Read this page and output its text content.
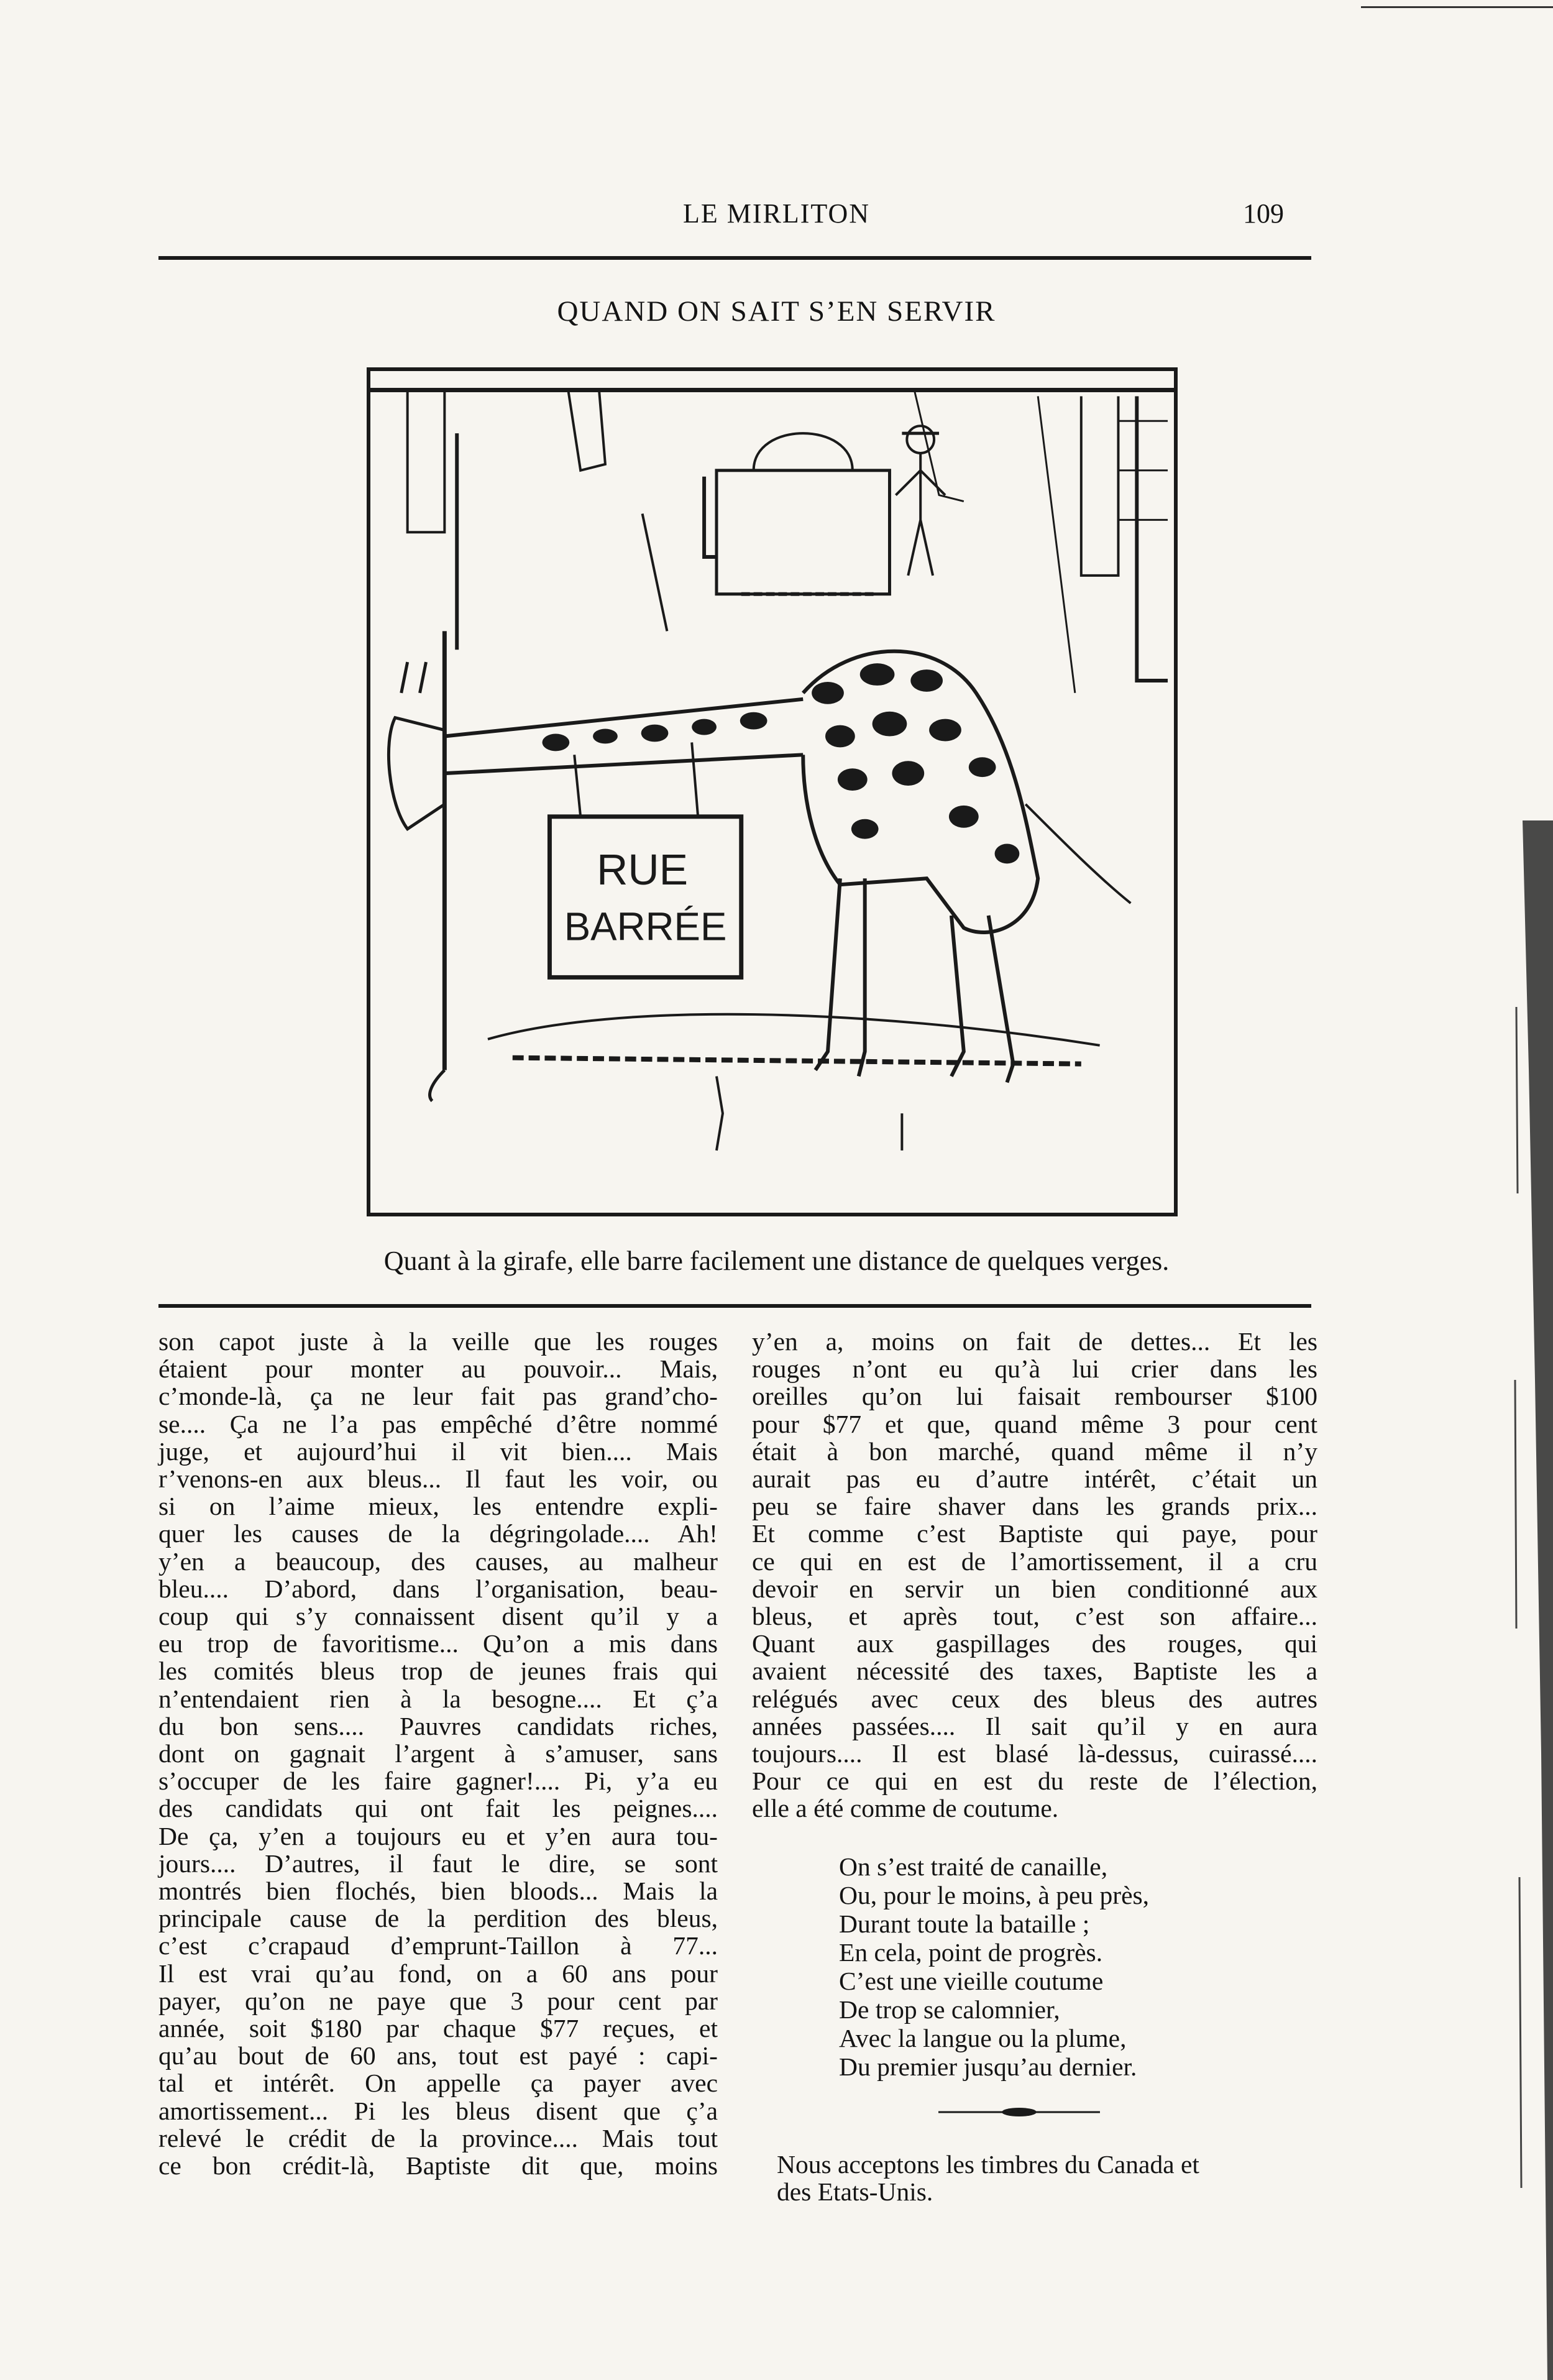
LE MIRLITON	109
QUAND ON SAIT S’EN SERVIR
RUE
BARRÉE
Quant à la girafe, elle barre facilement une distance de quelques verges.
son capot juste à la veille que les rouges
étaient pour monter au pouvoir... Mais,
c’monde-là, ça ne leur fait pas grand’cho-
se.... Ça ne l’a pas empêché d’être nommé
juge, et aujourd’hui il vit bien.... Mais
r’venons-en aux bleus... Il faut les voir, ou
si on l’aime mieux, les entendre expli-
quer les causes de la dégringolade.... Ah!
y’en a beaucoup, des causes, au malheur
bleu.... D’abord, dans l’organisation, beau-
coup qui s’y connaissent disent qu’il y a
eu trop de favoritisme... Qu’on a mis dans
les comités bleus trop de jeunes frais qui
n’entendaient rien à la besogne.... Et ç’a
du bon sens.... Pauvres candidats riches,
dont on gagnait l’argent à s’amuser, sans
s’occuper de les faire gagner!.... Pi, y’a eu
des candidats qui ont fait les peignes....
De ça, y’en a toujours eu et y’en aura tou-
jours.... D’autres, il faut le dire, se sont
montrés bien flochés, bien bloods... Mais la
principale cause de la perdition des bleus,
c’est c’crapaud d’emprunt-Taillon à 77...
Il est vrai qu’au fond, on a 60 ans pour
payer, qu’on ne paye que 3 pour cent par
année, soit $180 par chaque $77 reçues, et
qu’au bout de 60 ans, tout est payé : capi-
tal et intérêt. On appelle ça payer avec
amortissement... Pi les bleus disent que ç’a
relevé le crédit de la province.... Mais tout
ce bon crédit-là, Baptiste dit que, moins
y’en a, moins on fait de dettes... Et les
rouges n’ont eu qu’à lui crier dans les
oreilles qu’on lui faisait rembourser $100
pour $77 et que, quand même 3 pour cent
était à bon marché, quand même il n’y
aurait pas eu d’autre intérêt, c’était un
peu se faire shaver dans les grands prix...
Et comme c’est Baptiste qui paye, pour
ce qui en est de l’amortissement, il a cru
devoir en servir un bien conditionné aux
bleus, et après tout, c’est son affaire...
Quant aux gaspillages des rouges, qui
avaient nécessité des taxes, Baptiste les a
relégués avec ceux des bleus des autres
années passées.... Il sait qu’il y en aura
toujours.... Il est blasé là-dessus, cuirassé....
Pour ce qui en est du reste de l’élection,
elle a été comme de coutume.
On s’est traité de canaille,
Ou, pour le moins, à peu près,
Durant toute la bataille ;
En cela, point de progrès.
C’est une vieille coutume
De trop se calomnier,
Avec la langue ou la plume,
Du premier jusqu’au dernier.
Nous acceptons les timbres du Canada et
des Etats-Unis.
